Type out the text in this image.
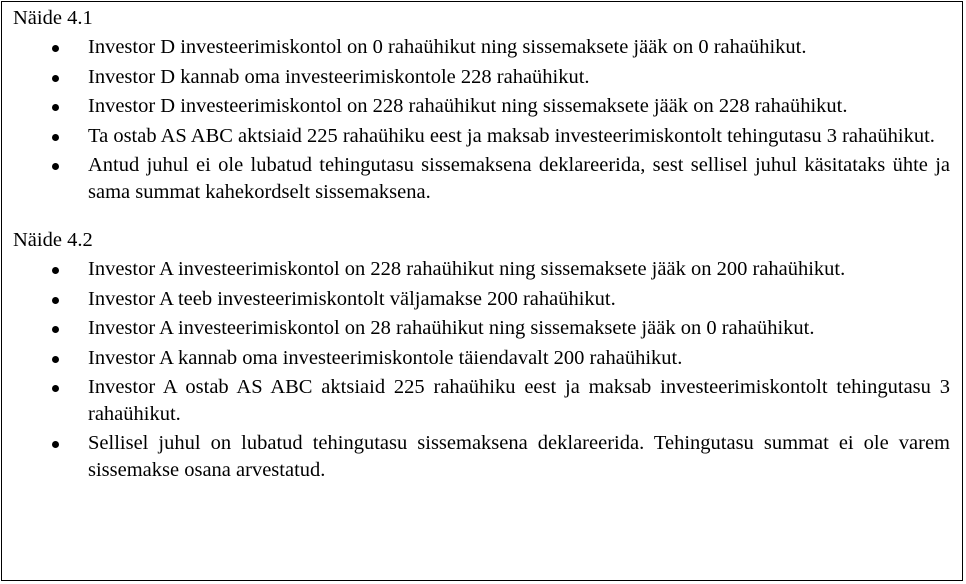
Näide 4.1

Investor D investeerimiskontol on 0 rahaühikut ning sissemaksete jääk on 0 rahaühikut.
Investor D kannab oma investeerimiskontole 228 rahaühikut.
Investor D investeerimiskontol on 228 rahaühikut ning sissemaksete jääk on 228 rahaühikut.
Ta ostab AS ABC aktsiaid 225 rahaühiku eest ja maksab investeerimiskontolt tehingutasu 3 rahaühikut.
Antud juhul ei ole lubatud tehingutasu sissemaksena deklareerida, sest sellisel juhul käsitataks ühte ja sama summat kahekordselt sissemaksena.

Näide 4.2

Investor A investeerimiskontol on 228 rahaühikut ning sissemaksete jääk on 200 rahaühikut.
Investor A teeb investeerimiskontolt väljamakse 200 rahaühikut.
Investor A investeerimiskontol on 28 rahaühikut ning sissemaksete jääk on 0 rahaühikut.
Investor A kannab oma investeerimiskontole täiendavalt 200 rahaühikut.
Investor A ostab AS ABC aktsiaid 225 rahaühiku eest ja maksab investeerimiskontolt tehingutasu 3 rahaühikut.
Sellisel juhul on lubatud tehingutasu sissemaksena deklareerida. Tehingutasu summat ei ole varem sissemakse osana arvestatud.
